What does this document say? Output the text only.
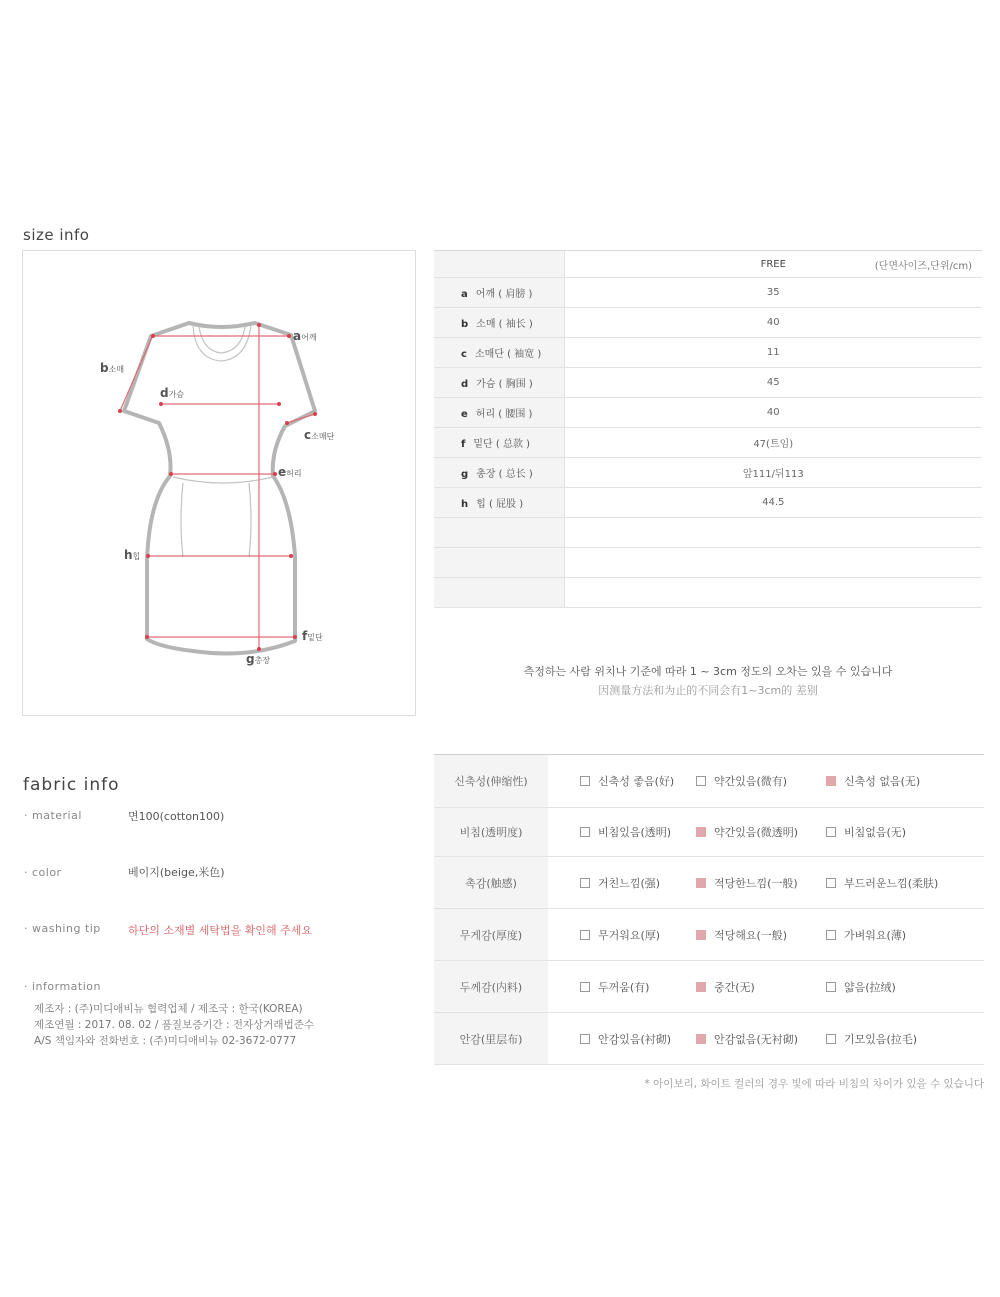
size info
a어깨
b소매
c소매단
d가슴
e허리
h힙
f밑단
g총장
	FREE (단면사이즈,단위/cm)

a 어깨 ( 肩膀 )	35
b 소매 ( 袖长 )	40
c 소매단 ( 袖宽 )	11
d 가슴 ( 胸围 )	45
e 허리 ( 腰围 )	40
f 밑단 ( 总款 )	47(트임)
g 총장 ( 总长 )	앞111/뒤113
h 힙 ( 屁股 )	44.5

측정하는 사람 위치나 기준에 따라 1 ~ 3cm 정도의 오차는 있을 수 있습니다
因测量方法和为止的不同会有1~3cm的 差别
fabric info
· material	면100(cotton100)
· color	베이지(beige,米色)
· washing tip 하단의 소재별 세탁법을 확인해 주세요
· information
제조자 : (주)미디애비뉴 협력업체 / 제조국 : 한국(KOREA)
제조연월 : 2017. 08. 02 / 품질보증기간 : 전자상거래법준수
A/S 책임자와 전화번호 : (주)미디애비뉴 02-3672-0777
신축성(伸缩性)	신축성 좋음(好) 약간있음(微有) 신축성 없음(无)

비침(透明度)	비침있음(透明) 약간있음(微透明) 비침없음(无)

촉감(触感)	거친느낌(强) 적당한느낌(一般) 부드러운느낌(柔肤)

무게감(厚度)	무거워요(厚) 적당해요(一般) 가벼워요(薄)

두께감(内料)	두꺼움(有) 중간(无) 얇음(拉绒)

안감(里层布)	안감있음(衬砌) 안감없음(无衬砌) 기모있음(拉毛)
* 아이보리, 화이트 컬러의 경우 빛에 따라 비침의 차이가 있을 수 있습니다
